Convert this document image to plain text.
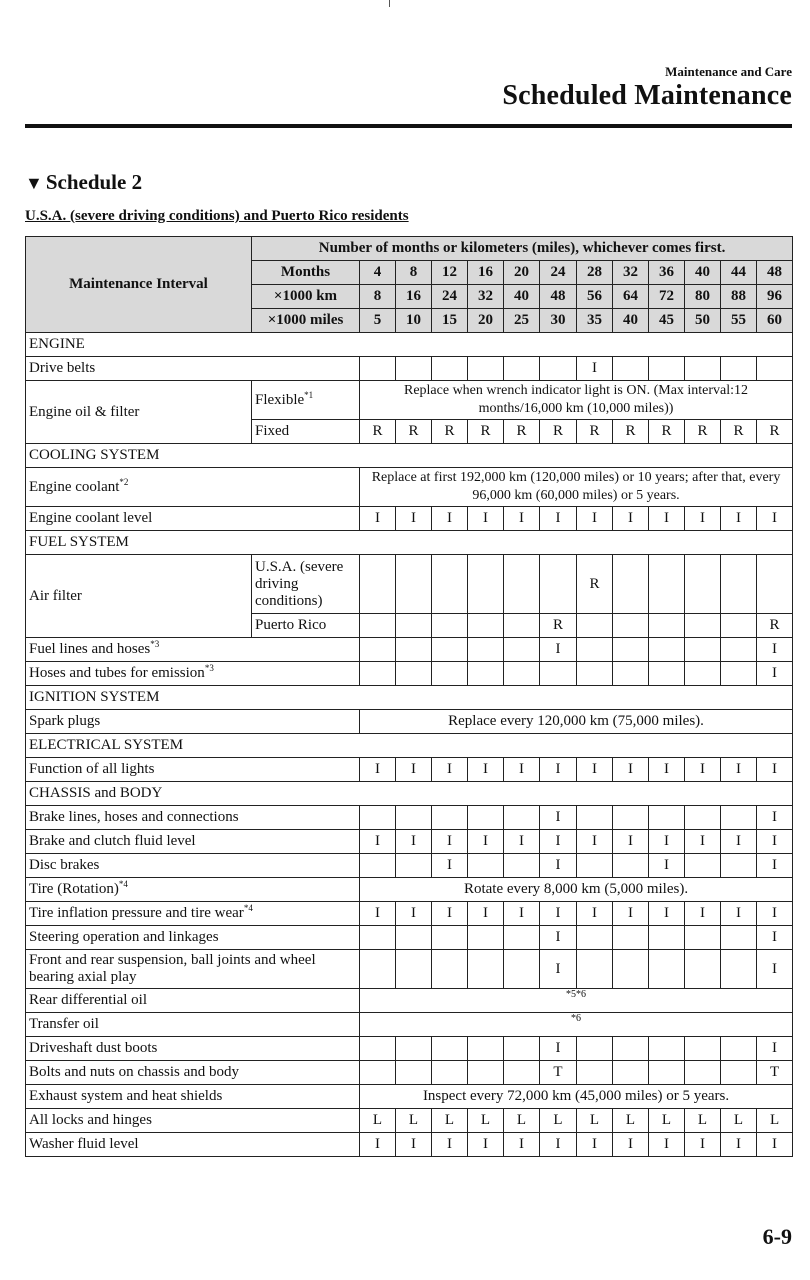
Maintenance and Care
Scheduled Maintenance
▼ Schedule 2
U.S.A. (severe driving conditions) and Puerto Rico residents
Maintenance Interval	Number of months or kilometers (miles), whichever comes first.												
	Months	4	8	12	16	20	24	28	32	36	40	44	48
	×1000 km	8	16	24	32	40	48	56	64	72	80	88	96
	×1000 miles	5	10	15	20	25	30	35	40	45	50	55	60
ENGINE													
Drive belts								I					
Engine oil & filter	Flexible$^{*1}$	Replace when wrench indicator light is ON. (Max interval:12 months/16,000 km (10,000 miles))											
	Fixed	R	R	R	R	R	R	R	R	R	R	R	R
COOLING SYSTEM													
Engine coolant$^{*2}$		Replace at first 192,000 km (120,000 miles) or 10 years; after that, every 96,000 km (60,000 miles) or 5 years.											
Engine coolant level		I	I	I	I	I	I	I	I	I	I	I	I
FUEL SYSTEM													
Air filter	U.S.A. (severe driving conditions)							R					
	Puerto Rico						R						R
Fuel lines and hoses$^{*3}$							I						I
Hoses and tubes for emission$^{*3}$													I
IGNITION SYSTEM													
Spark plugs		Replace every 120,000 km (75,000 miles).											
ELECTRICAL SYSTEM													
Function of all lights		I	I	I	I	I	I	I	I	I	I	I	I
CHASSIS and BODY													
Brake lines, hoses and connections							I						I
Brake and clutch fluid level		I	I	I	I	I	I	I	I	I	I	I	I
Disc brakes				I			I			I			I
Tire (Rotation)$^{*4}$		Rotate every 8,000 km (5,000 miles).											
Tire inflation pressure and tire wear$^{*4}$		I	I	I	I	I	I	I	I	I	I	I	I
Steering operation and linkages							I						I
Front and rear suspension, ball joints and wheel bearing axial play							I						I
Rear differential oil		*5*6											
Transfer oil		*6											
Driveshaft dust boots							I						I
Bolts and nuts on chassis and body							T						T
Exhaust system and heat shields		Inspect every 72,000 km (45,000 miles) or 5 years.											
All locks and hinges		L	L	L	L	L	L	L	L	L	L	L	L
Washer fluid level		I	I	I	I	I	I	I	I	I	I	I	I
6-9
